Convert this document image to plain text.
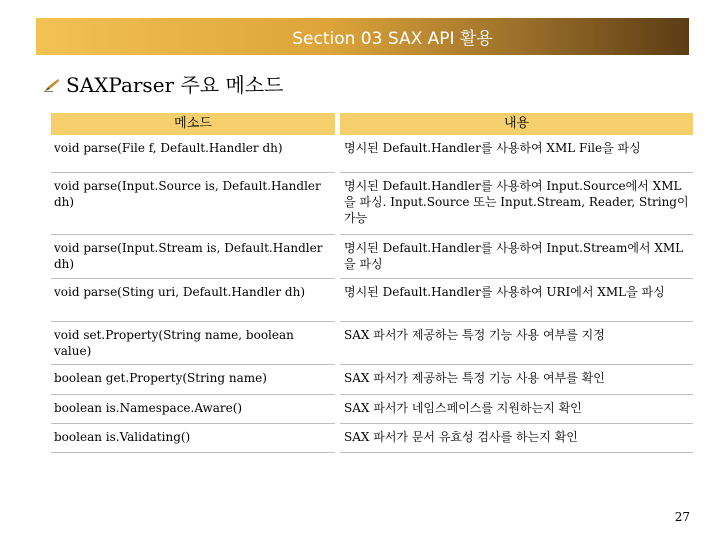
Section 03 SAX API 활용
SAXParser 주요 메소드
메소드		내용
void parse(File f, Default.Handler dh)		명시된 Default.Handler를 사용하여 XML File을 파싱
void parse(Input.Source is, Default.Handler dh)		명시된 Default.Handler를 사용하여 Input.Source에서 XML을 파싱. Input.Source 또는 Input.Stream, Reader, String이 가능
void parse(Input.Stream is, Default.Handler dh)		명시된 Default.Handler를 사용하여 Input.Stream에서 XML을 파싱
void parse(Sting uri, Default.Handler dh)		명시된 Default.Handler를 사용하여 URI에서 XML을 파싱
void set.Property(String name, boolean value)		SAX 파서가 제공하는 특정 기능 사용 여부를 지정
boolean get.Property(String name)		SAX 파서가 제공하는 특정 기능 사용 여부를 확인
boolean is.Namespace.Aware()		SAX 파서가 네임스페이스를 지원하는지 확인
boolean is.Validating()		SAX 파서가 문서 유효성 검사를 하는지 확인
27
